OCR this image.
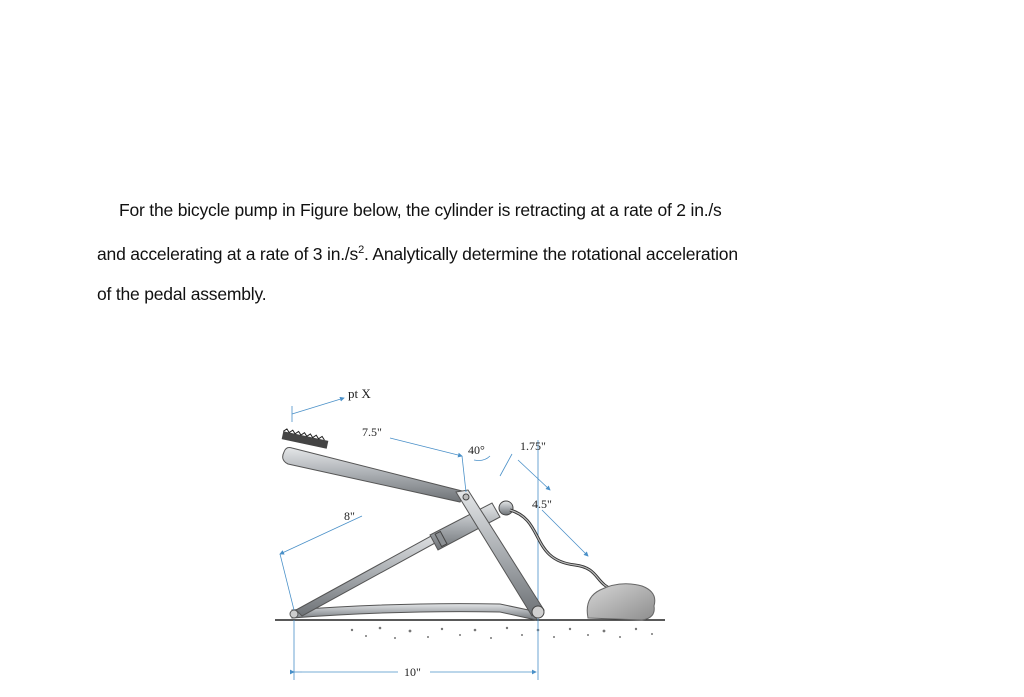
For the bicycle pump in Figure below, the cylinder is retracting at a rate of 2 in./s
and accelerating at a rate of 3 $in./s^2$. Analytically determine the rotational acceleration
of the pedal assembly.
pt X
7.5"
40°	1.75"
4.5"
8"
10"
